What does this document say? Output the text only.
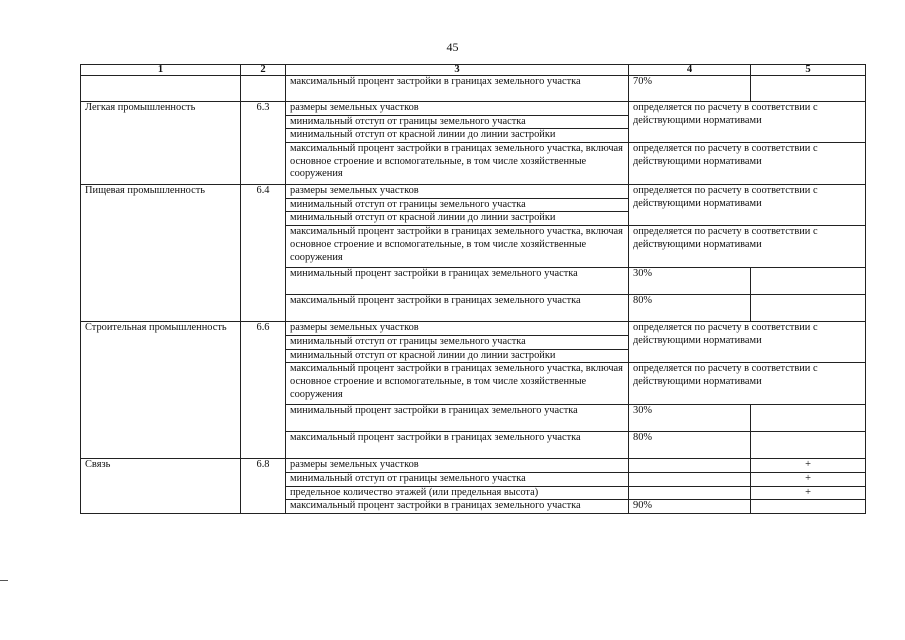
45
1	2	3	4	5
		максимальный процент застройки в границах земельного участка	70%	
Легкая промышленность	6.3	размеры земельных участков	определяется по расчету в соответствии с действующими нормативами	
		минимальный отступ от границы земельного участка		
		минимальный отступ от красной линии до линии застройки		
		максимальный процент застройки в границах земельного участка, включая основное строение и вспомогательные, в том числе хозяйственные сооружения	определяется по расчету в соответствии с действующими нормативами	
Пищевая промышленность	6.4	размеры земельных участков	определяется по расчету в соответствии с действующими нормативами	
		минимальный отступ от границы земельного участка		
		минимальный отступ от красной линии до линии застройки		
		максимальный процент застройки в границах земельного участка, включая основное строение и вспомогательные, в том числе хозяйственные сооружения	определяется по расчету в соответствии с действующими нормативами	
		минимальный процент застройки в границах земельного участка	30%	
		максимальный процент застройки в границах земельного участка	80%	
Строительная промышленность	6.6	размеры земельных участков	определяется по расчету в соответствии с действующими нормативами	
		минимальный отступ от границы земельного участка		
		минимальный отступ от красной линии до линии застройки		
		максимальный процент застройки в границах земельного участка, включая основное строение и вспомогательные, в том числе хозяйственные сооружения	определяется по расчету в соответствии с действующими нормативами	
		минимальный процент застройки в границах земельного участка	30%	
		максимальный процент застройки в границах земельного участка	80%	
Связь	6.8	размеры земельных участков		+
		минимальный отступ от границы земельного участка		+
		предельное количество этажей (или предельная высота)		+
		максимальный процент застройки в границах земельного участка	90%	
